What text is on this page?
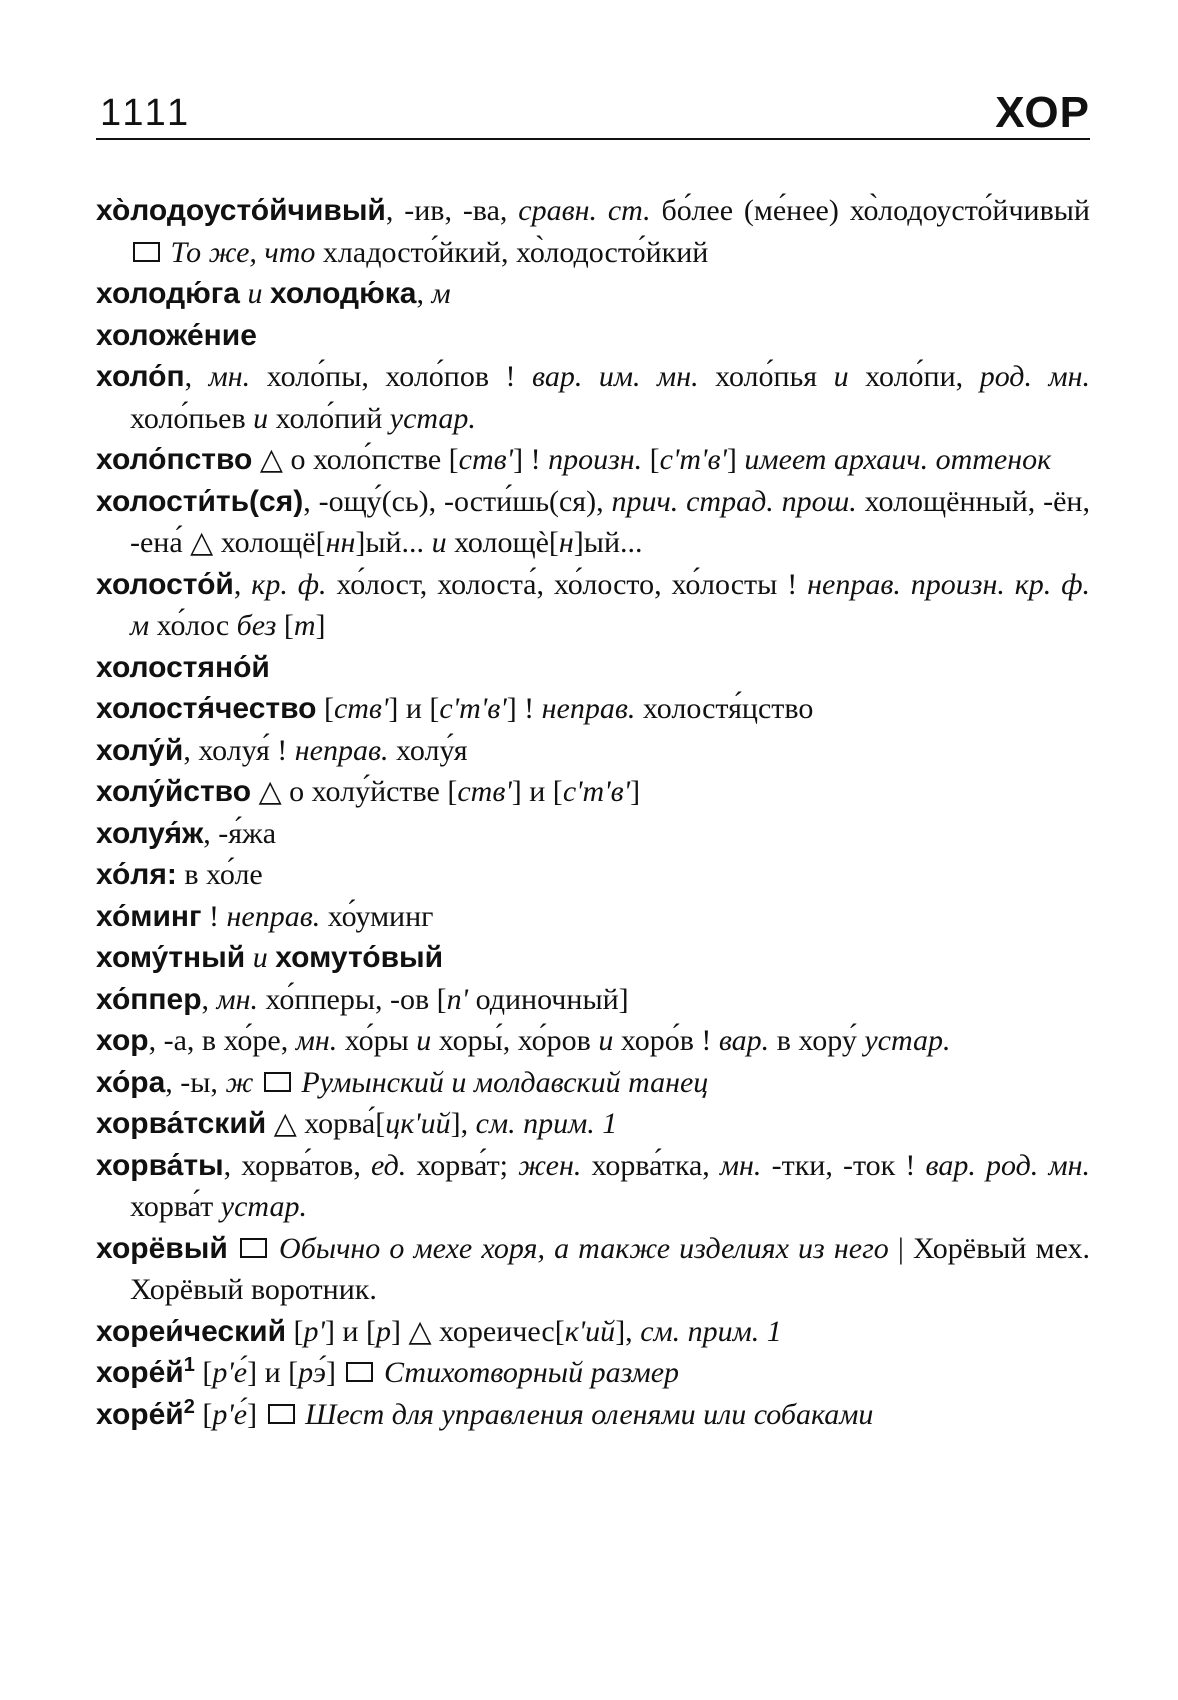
1111	ХОР
хо̀лодоусто́йчивый, -ив, -ва, сравн. ст. бо́лее (ме́нее) хо̀лодоусто́йчивый  То же, что хладосто́йкий, хо̀лодосто́йкий
холодю́га и холодю́ка, м
холоже́ние
холо́п, мн. холо́пы, холо́пов ! вар. им. мн. холо́пья и холо́пи, род. мн. холо́пьев и холо́пий устар.
холо́пство △ о холо́пстве [ств'] ! произн. [с'т'в'] имеет архаич. оттенок
холости́ть(ся), -ощу́(сь), -ости́шь(ся), прич. страд. прош. холощённый, -ён, -ена́ △ холощё[нн]ый... и холощѐ[н]ый...
холосто́й, кр. ф. хо́лост, холоста́, хо́лосто, хо́лосты ! неправ. произн. кр. ф. м хо́лос без [т]
холостяно́й
холостя́чество [ств'] и [с'т'в'] ! неправ. холостя́цство
холу́й, холуя́ ! неправ. холу́я
холу́йство △ о холу́йстве [ств'] и [с'т'в']
холуя́ж, -я́жа
хо́ля: в хо́ле
хо́минг ! неправ. хо́уминг
хому́тный и хомуто́вый
хо́ппер, мн. хо́пперы, -ов [п' одиночный]
хор, -а, в хо́ре, мн. хо́ры и хоры́, хо́ров и хоро́в ! вар. в хору́ устар.
хо́ра, -ы, ж Румынский и молдавский танец
хорва́тский △ хорва́[цк'ий], см. прим. 1
хорва́ты, хорва́тов, ед. хорва́т; жен. хорва́тка, мн. -тки, -ток ! вар. род. мн. хорва́т устар.
хорёвый Обычно о мехе хоря, а также изделиях из него | Хорёвый мех. Хорёвый воротник.
хореи́ческий [р'] и [р] △ хореичес[к'ий], см. прим. 1
$хоре́й^1$ [р'е́] и [рэ́]  Стихотворный размер
$хоре́й^2$ [р'е́]  Шест для управления оленями или собаками
